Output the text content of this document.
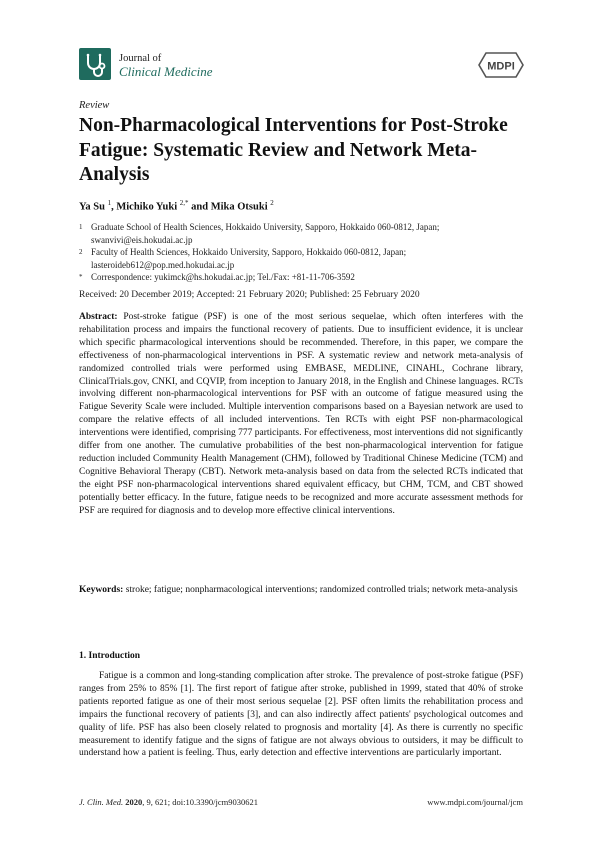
Journal of
Clinical Medicine	MDPI
Review
Non-Pharmacological Interventions for Post-Stroke Fatigue: Systematic Review and Network Meta-Analysis
Ya Su $^1$, Michiko Yuki $^{2,*}$ and Mika Otsuki $^2$
1 Graduate School of Health Sciences, Hokkaido University, Sapporo, Hokkaido 060-0812, Japan;
swanvivi@eis.hokudai.ac.jp
2 Faculty of Health Sciences, Hokkaido University, Sapporo, Hokkaido 060-0812, Japan;
lasteroideb612@pop.med.hokudai.ac.jp
* Correspondence: yukimck@hs.hokudai.ac.jp; Tel./Fax: +81-11-706-3592
Received: 20 December 2019; Accepted: 21 February 2020; Published: 25 February 2020
Abstract: Post-stroke fatigue (PSF) is one of the most serious sequelae, which often interferes with the rehabilitation process and impairs the functional recovery of patients. Due to insufficient evidence, it is unclear which specific pharmacological interventions should be recommended. Therefore, in this paper, we compare the effectiveness of non-pharmacological interventions in PSF. A systematic review and network meta-analysis of randomized controlled trials were performed using EMBASE, MEDLINE, CINAHL, Cochrane library, ClinicalTrials.gov, CNKI, and CQVIP, from inception to January 2018, in the English and Chinese languages. RCTs involving different non-pharmacological interventions for PSF with an outcome of fatigue measured using the Fatigue Severity Scale were included. Multiple intervention comparisons based on a Bayesian network are used to compare the relative effects of all included interventions. Ten RCTs with eight PSF non-pharmacological interventions were identified, comprising 777 participants. For effectiveness, most interventions did not significantly differ from one another. The cumulative probabilities of the best non-pharmacological intervention for fatigue reduction included Community Health Management (CHM), followed by Traditional Chinese Medicine (TCM) and Cognitive Behavioral Therapy (CBT). Network meta-analysis based on data from the selected RCTs indicated that the eight PSF non-pharmacological interventions shared equivalent efficacy, but CHM, TCM, and CBT showed potentially better efficacy. In the future, fatigue needs to be recognized and more accurate assessment methods for PSF are required for diagnosis and to develop more effective clinical interventions.
Keywords: stroke; fatigue; nonpharmacological interventions; randomized controlled trials; network meta-analysis
1. Introduction
Fatigue is a common and long-standing complication after stroke. The prevalence of post-stroke fatigue (PSF) ranges from 25% to 85% [1]. The first report of fatigue after stroke, published in 1999, stated that 40% of stroke patients reported fatigue as one of their most serious sequelae [2]. PSF often limits the rehabilitation process and impairs the functional recovery of patients [3], and can also indirectly affect patients' psychological outcomes and quality of life. PSF has also been closely related to prognosis and mortality [4]. As there is currently no specific measurement to identify fatigue and the signs of fatigue are not always obvious to outsiders, it may be difficult to understand how a patient is feeling. Thus, early detection and effective interventions are particularly important.
J. Clin. Med. 2020, 9, 621; doi:10.3390/jcm9030621	www.mdpi.com/journal/jcm
